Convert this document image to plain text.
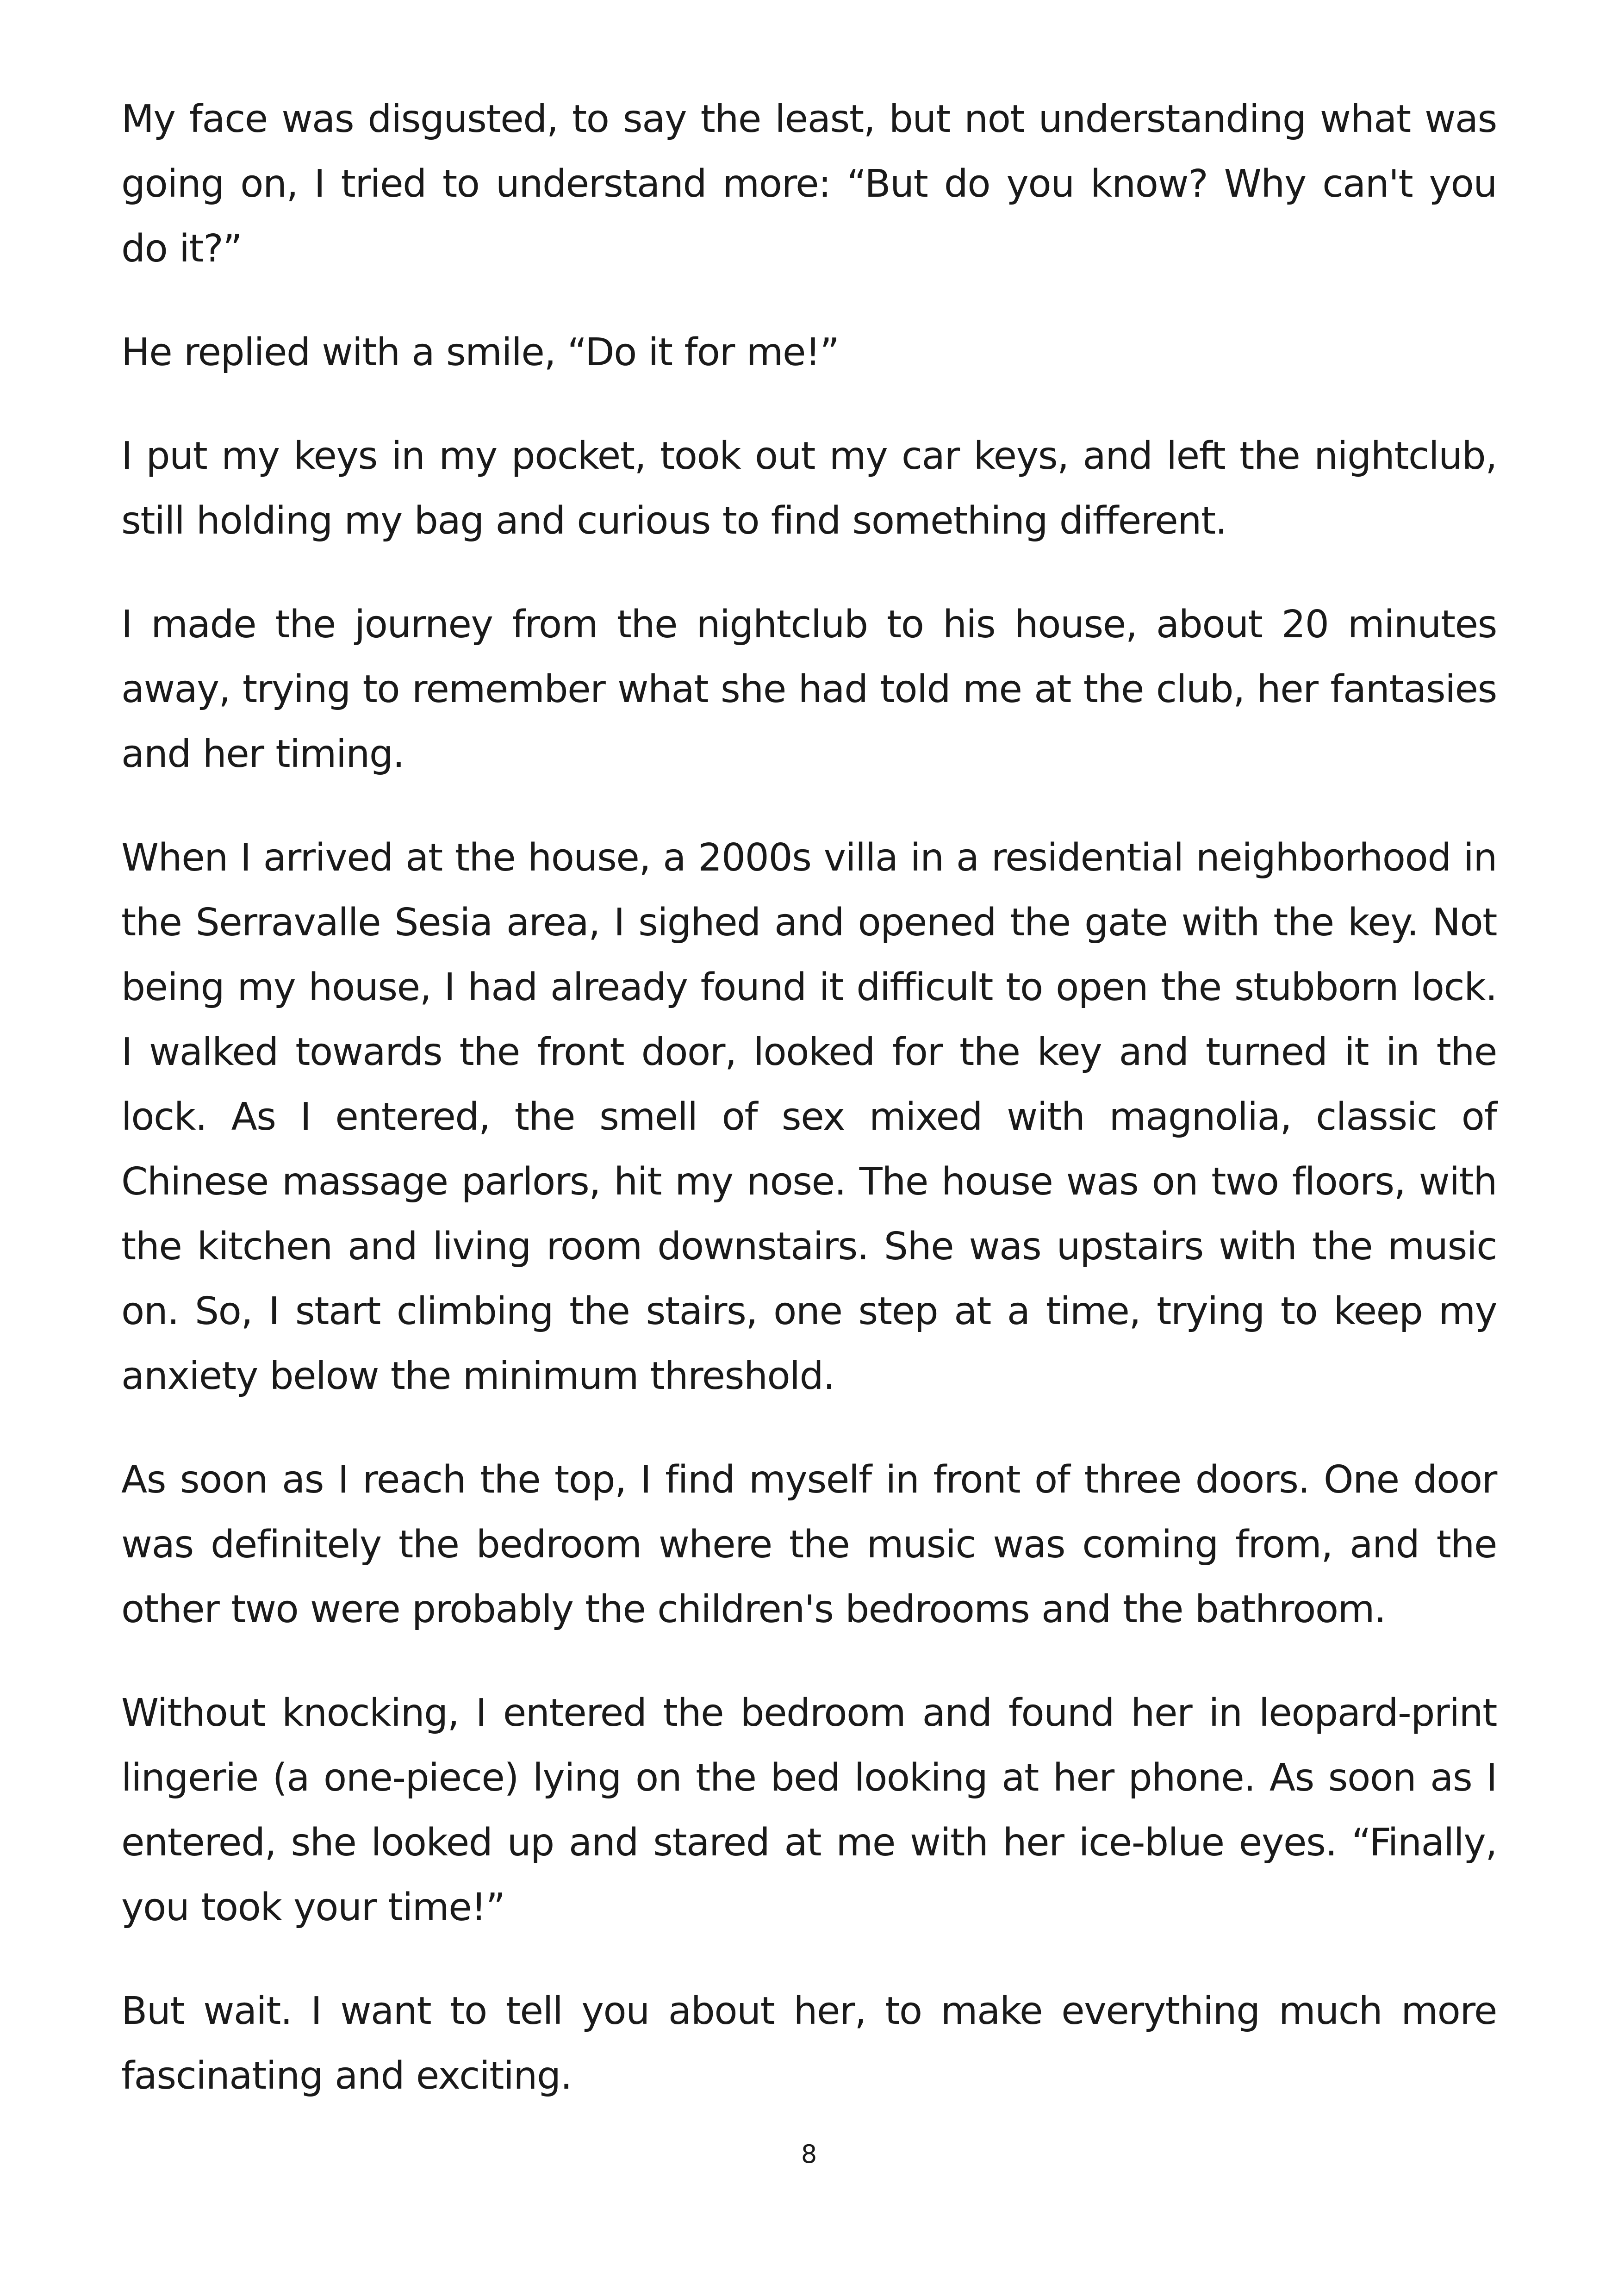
My face was disgusted, to say the least, but not understanding what was going on, I tried to understand more: “But do you know? Why can't you do it?”

He replied with a smile, “Do it for me!”

I put my keys in my pocket, took out my car keys, and left the nightclub, still holding my bag and curious to find something different.

I made the journey from the nightclub to his house, about 20 minutes away, trying to remember what she had told me at the club, her fantasies and her timing.

When I arrived at the house, a 2000s villa in a residential neighborhood in the Serravalle Sesia area, I sighed and opened the gate with the key. Not being my house, I had already found it difficult to open the stubborn lock. I walked towards the front door, looked for the key and turned it in the lock. As I entered, the smell of sex mixed with magnolia, classic of Chinese massage parlors, hit my nose. The house was on two floors, with the kitchen and living room downstairs. She was upstairs with the music on. So, I start climbing the stairs, one step at a time, trying to keep my anxiety below the minimum threshold.

As soon as I reach the top, I find myself in front of three doors. One door was definitely the bedroom where the music was coming from, and the other two were probably the children's bedrooms and the bathroom.

Without knocking, I entered the bedroom and found her in leopard-print lingerie (a one-piece) lying on the bed looking at her phone. As soon as I entered, she looked up and stared at me with her ice-blue eyes. “Finally, you took your time!”

But wait. I want to tell you about her, to make everything much more fascinating and exciting.

8
